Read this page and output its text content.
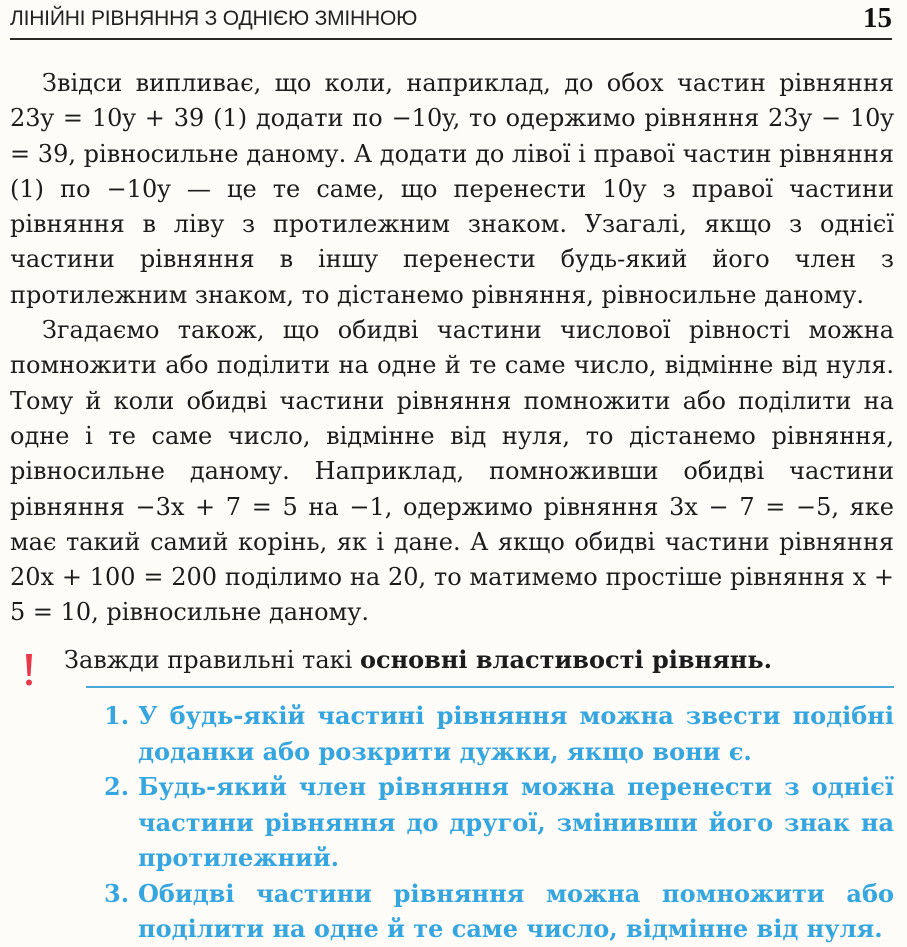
ЛІНІЙНІ РІВНЯННЯ З ОДНІЄЮ ЗМІННОЮ	15

Звідси випливає, що коли, наприклад, до обох частин рівняння 23y = 10y + 39 (1) додати по −10y, то одержимо рівняння 23y − 10y = 39, рівносильне даному. А додати до лівої і правої частин рівняння (1) по −10y — це те саме, що перенести 10y з правої частини рівняння в ліву з протилежним знаком. Узагалі, якщо з однієї частини рівняння в іншу перенести будь-який його член з протилежним знаком, то дістанемо рівняння, рівносильне даному.

Згадаємо також, що обидві частини числової рівності можна помножити або поділити на одне й те саме число, відмінне від нуля. Тому й коли обидві частини рівняння помножити або поділити на одне і те саме число, відмінне від нуля, то дістанемо рівняння, рівносильне даному. Наприклад, помноживши обидві частини рівняння −3x + 7 = 5 на −1, одержимо рівняння 3x − 7 = −5, яке має такий самий корінь, як і дане. А якщо обидві частини рівняння 20x + 100 = 200 поділимо на 20, то матимемо простіше рівняння x + 5 = 10, рівносильне даному.

Завжди правильні такі основні властивості рівнянь.
1. У будь-якій частині рівняння можна звести подібні доданки або розкрити дужки, якщо вони є.
2. Будь-який член рівняння можна перенести з однієї частини рівняння до другої, змінивши його знак на протилежний.
3. Обидві частини рівняння можна помножити або поділити на одне й те саме число, відмінне від нуля.
